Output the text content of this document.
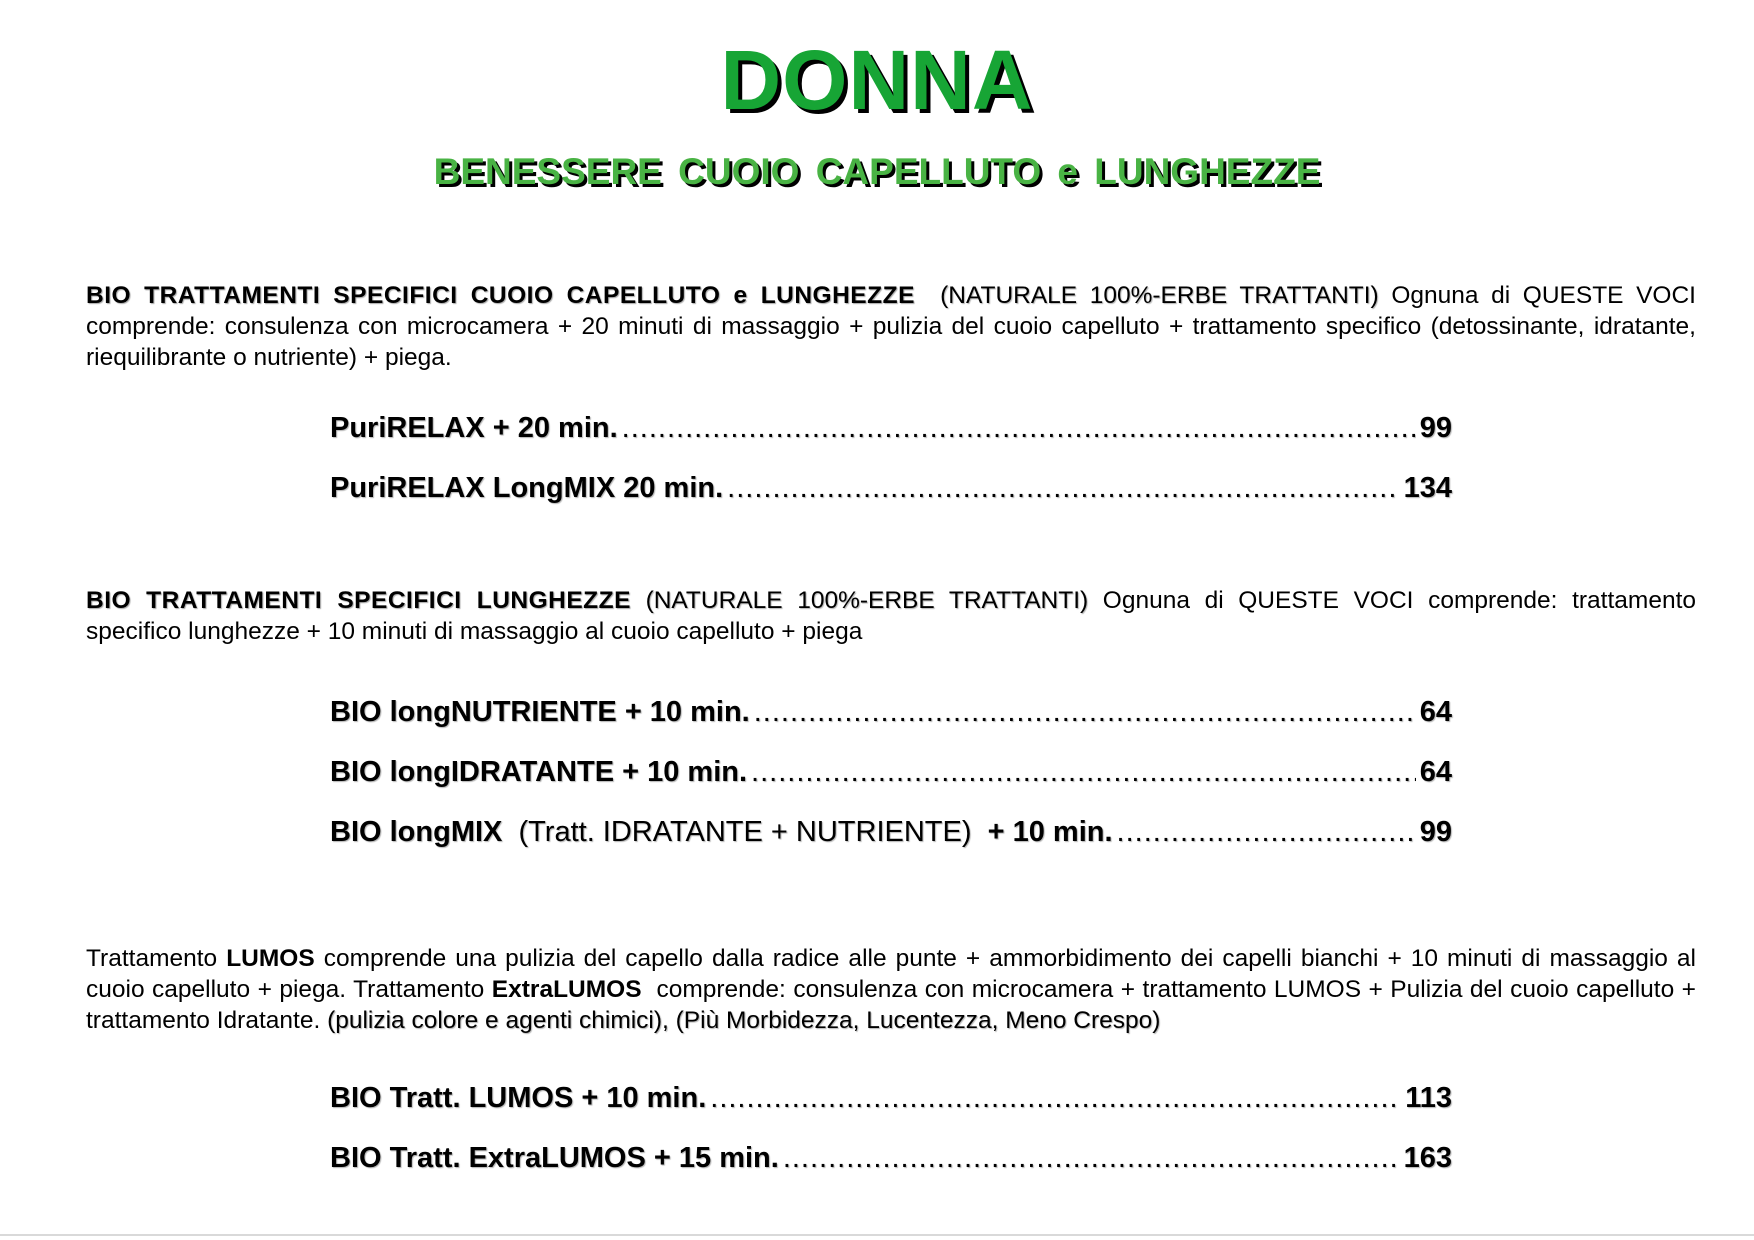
DONNA
BENESSERE CUOIO CAPELLUTO e LUNGHEZZE

BIO TRATTAMENTI SPECIFICI CUOIO CAPELLUTO e LUNGHEZZE (NATURALE 100%-ERBE TRATTANTI) Ognuna di QUESTE VOCI comprende: consulenza con microcamera + 20 minuti di massaggio + pulizia del cuoio capelluto + trattamento specifico (detossinante, idratante, riequilibrante o nutriente) + piega.

PuriRELAX + 20 min. .....	99
PuriRELAX LongMIX 20 min. .....	134

BIO TRATTAMENTI SPECIFICI LUNGHEZZE (NATURALE 100%-ERBE TRATTANTI) Ognuna di QUESTE VOCI comprende: trattamento specifico lunghezze + 10 minuti di massaggio al cuoio capelluto + piega

BIO longNUTRIENTE + 10 min. .....	64
BIO longIDRATANTE + 10 min. .....	64
BIO longMIX (Tratt. IDRATANTE + NUTRIENTE) + 10 min. .....	99

Trattamento LUMOS comprende una pulizia del capello dalla radice alle punte + ammorbidimento dei capelli bianchi + 10 minuti di massaggio al cuoio capelluto + piega. Trattamento ExtraLUMOS comprende: consulenza con microcamera + trattamento LUMOS + Pulizia del cuoio capelluto + trattamento Idratante. (pulizia colore e agenti chimici), (Più Morbidezza, Lucentezza, Meno Crespo)

BIO Tratt. LUMOS + 10 min. .....	113
BIO Tratt. ExtraLUMOS + 15 min. .....	163
